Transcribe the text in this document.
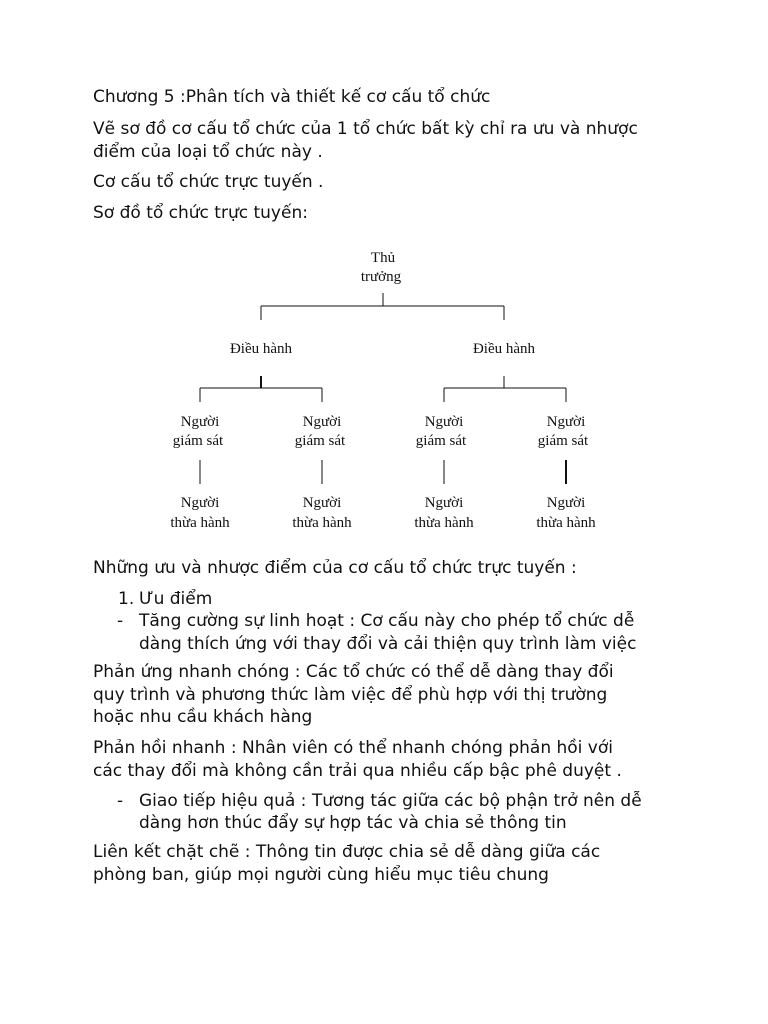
Chương 5 :Phân tích và thiết kế cơ cấu tổ chức

Vẽ sơ đồ cơ cấu tổ chức của 1 tổ chức bất kỳ chỉ ra ưu và nhược

điểm của loại tổ chức này .

Cơ cấu tổ chức trực tuyến .

Sơ đồ tổ chức trực tuyến:

Thủ
trưởng
Điều hành	Điều hành
Người
giám sát
Người
giám sát
Người
giám sát
Người
giám sát
Người
thừa hành
Người
thừa hành
Người
thừa hành
Người
thừa hành

Những ưu và nhược điểm của cơ cấu tổ chức trực tuyến :

1. Ưu điểm

- Tăng cường sự linh hoạt : Cơ cấu này cho phép tổ chức dễ

dàng thích ứng với thay đổi và cải thiện quy trình làm việc

Phản ứng nhanh chóng : Các tổ chức có thể dễ dàng thay đổi

quy trình và phương thức làm việc để phù hợp với thị trường

hoặc nhu cầu khách hàng

Phản hồi nhanh : Nhân viên có thể nhanh chóng phản hồi với

các thay đổi mà không cần trải qua nhiều cấp bậc phê duyệt .

- Giao tiếp hiệu quả : Tương tác giữa các bộ phận trở nên dễ

dàng hơn thúc đẩy sự hợp tác và chia sẻ thông tin

Liên kết chặt chẽ : Thông tin được chia sẻ dễ dàng giữa các

phòng ban, giúp mọi người cùng hiểu mục tiêu chung
